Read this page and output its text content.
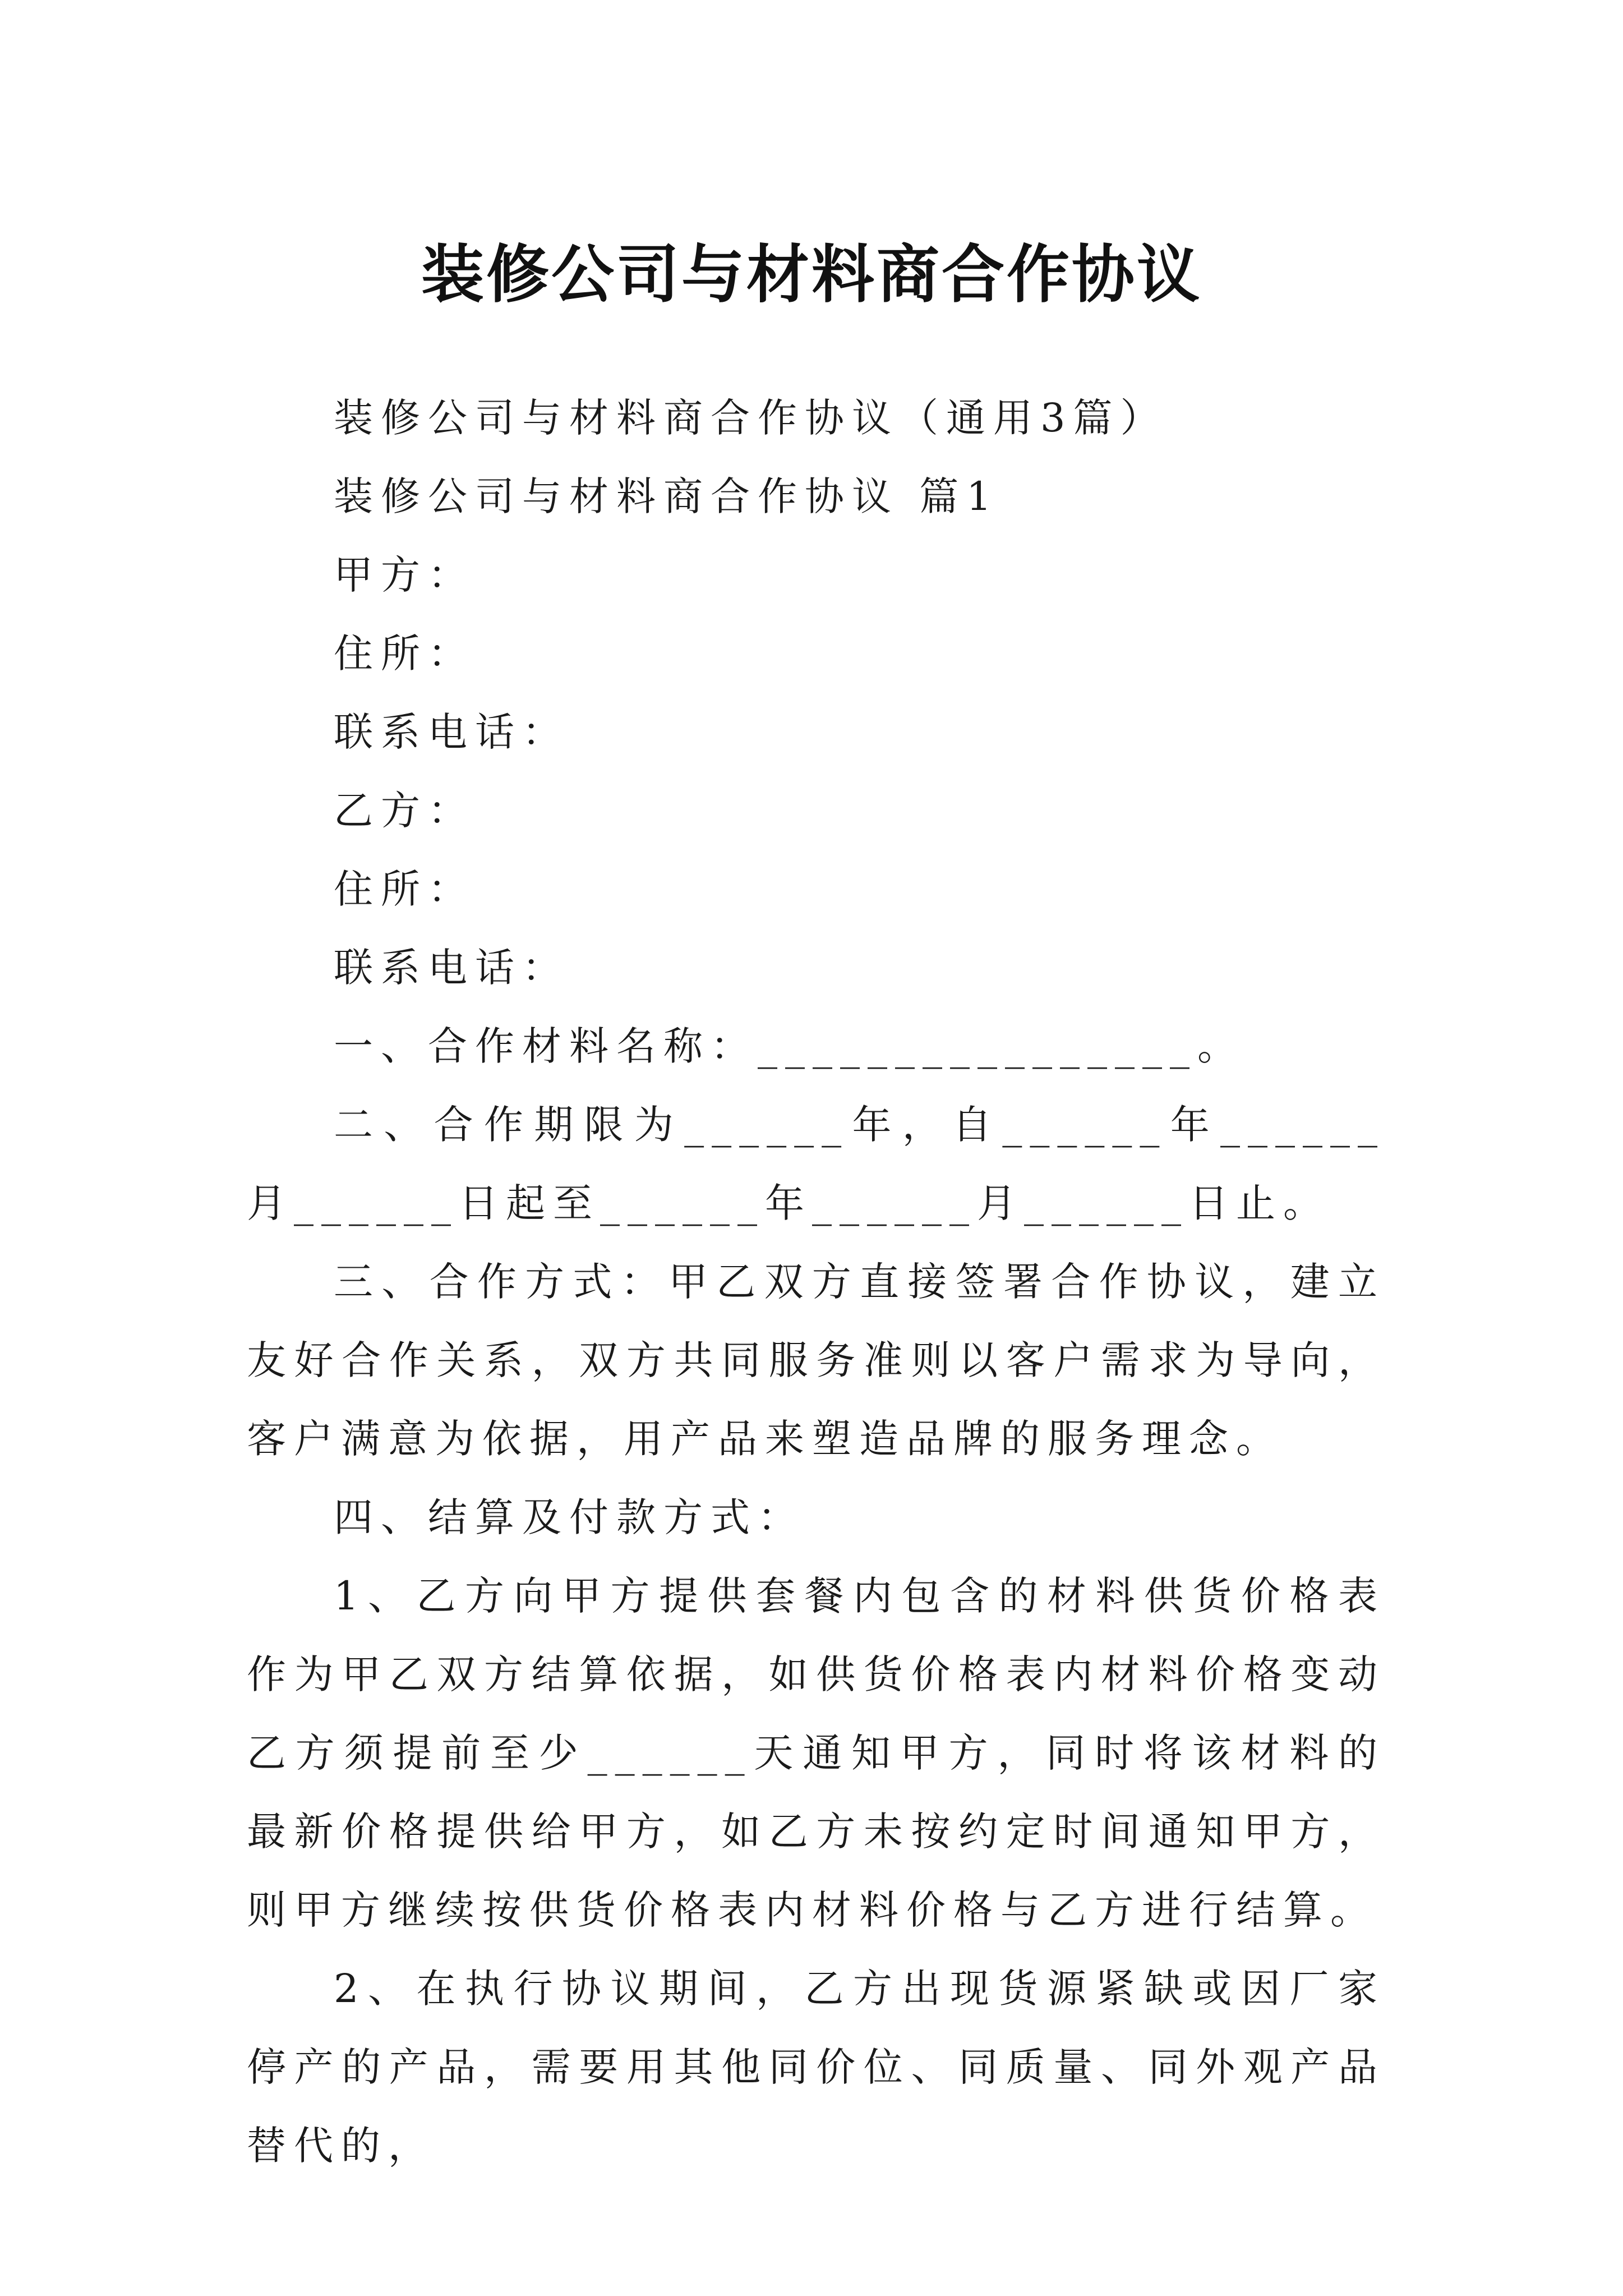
装修公司与材料商合作协议

装修公司与材料商合作协议（通用3篇）

装修公司与材料商合作协议 篇1

甲方：

住所：

联系电话：

乙方：

住所：

联系电话：

一、合作材料名称：________________。

二、合作期限为______年，自______年______月______日起至______年______月______日止。

三、合作方式：甲乙双方直接签署合作协议，建立友好合作关系，双方共同服务准则以客户需求为导向，客户满意为依据，用产品来塑造品牌的服务理念。

四、结算及付款方式：

1、乙方向甲方提供套餐内包含的材料供货价格表作为甲乙双方结算依据，如供货价格表内材料价格变动乙方须提前至少______天通知甲方，同时将该材料的最新价格提供给甲方，如乙方未按约定时间通知甲方，则甲方继续按供货价格表内材料价格与乙方进行结算。

2、在执行协议期间，乙方出现货源紧缺或因厂家停产的产品，需要用其他同价位、同质量、同外观产品替代的，
